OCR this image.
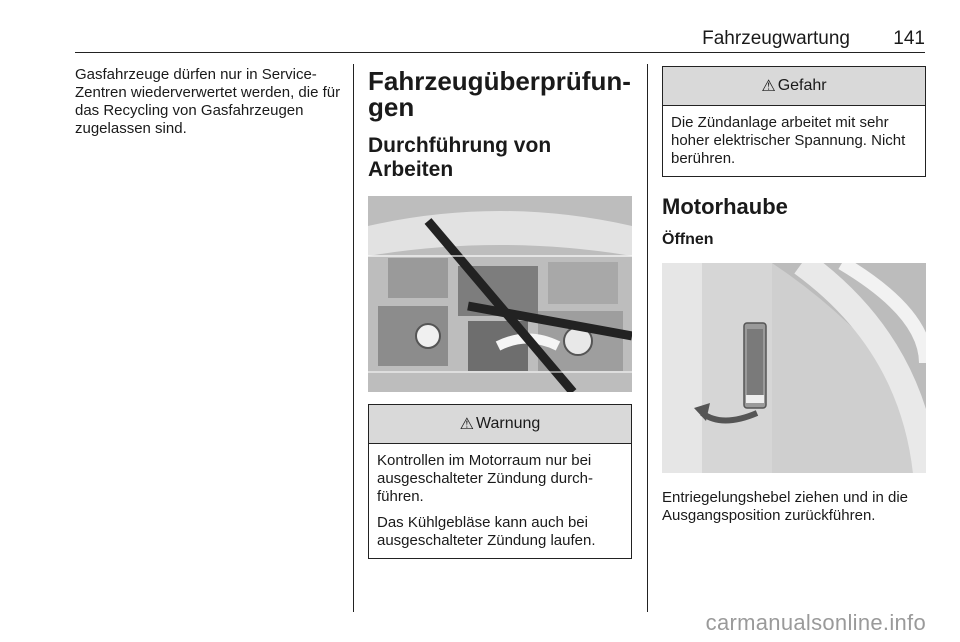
Fahrzeugwartung 141

Gasfahrzeuge dürfen nur in Service-Zentren wiederverwertet werden, die für das Recycling von Gasfahrzeugen zugelassen sind.

Fahrzeugüberprüfun-gen
Durchführung von Arbeiten
⚠ Warnung

Kontrollen im Motorraum nur bei ausgeschalteter Zündung durch-führen.

Das Kühlgebläse kann auch bei ausgeschalteter Zündung laufen.

⚠ Gefahr

Die Zündanlage arbeitet mit sehr hoher elektrischer Spannung. Nicht berühren.

Motorhaube
Öffnen

Entriegelungshebel ziehen und in die Ausgangsposition zurückführen.

carmanualsonline.info
